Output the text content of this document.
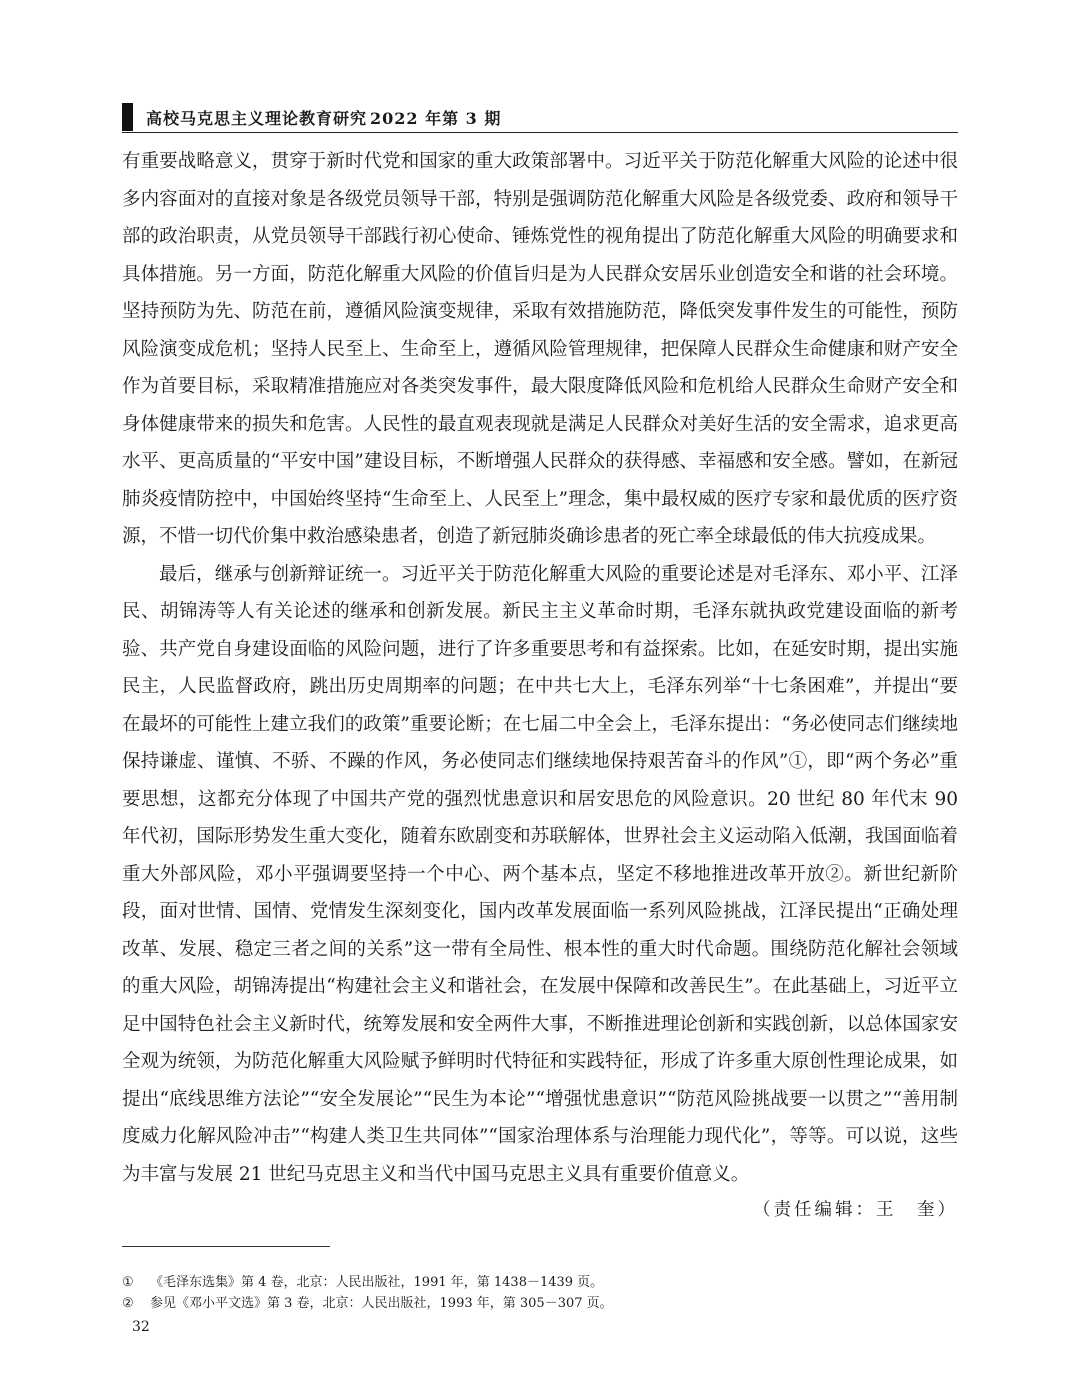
高校马克思主义理论教育研究 2022 年第 3 期

有重要战略意义，贯穿于新时代党和国家的重大政策部署中。习近平关于防范化解重大风险的论述中很多内容面对的直接对象是各级党员领导干部，特别是强调防范化解重大风险是各级党委、政府和领导干部的政治职责，从党员领导干部践行初心使命、锤炼党性的视角提出了防范化解重大风险的明确要求和具体措施。另一方面，防范化解重大风险的价值旨归是为人民群众安居乐业创造安全和谐的社会环境。坚持预防为先、防范在前，遵循风险演变规律，采取有效措施防范，降低突发事件发生的可能性，预防风险演变成危机；坚持人民至上、生命至上，遵循风险管理规律，把保障人民群众生命健康和财产安全作为首要目标，采取精准措施应对各类突发事件，最大限度降低风险和危机给人民群众生命财产安全和身体健康带来的损失和危害。人民性的最直观表现就是满足人民群众对美好生活的安全需求，追求更高水平、更高质量的“平安中国”建设目标，不断增强人民群众的获得感、幸福感和安全感。譬如，在新冠肺炎疫情防控中，中国始终坚持“生命至上、人民至上”理念，集中最权威的医疗专家和最优质的医疗资源，不惜一切代价集中救治感染患者，创造了新冠肺炎确诊患者的死亡率全球最低的伟大抗疫成果。

最后，继承与创新辩证统一。习近平关于防范化解重大风险的重要论述是对毛泽东、邓小平、江泽民、胡锦涛等人有关论述的继承和创新发展。新民主主义革命时期，毛泽东就执政党建设面临的新考验、共产党自身建设面临的风险问题，进行了许多重要思考和有益探索。比如，在延安时期，提出实施民主，人民监督政府，跳出历史周期率的问题；在中共七大上，毛泽东列举“十七条困难”，并提出“要在最坏的可能性上建立我们的政策”重要论断；在七届二中全会上，毛泽东提出：“务必使同志们继续地保持谦虚、谨慎、不骄、不躁的作风，务必使同志们继续地保持艰苦奋斗的作风”①，即“两个务必”重要思想，这都充分体现了中国共产党的强烈忧患意识和居安思危的风险意识。20 世纪 80 年代末 90 年代初，国际形势发生重大变化，随着东欧剧变和苏联解体，世界社会主义运动陷入低潮，我国面临着重大外部风险，邓小平强调要坚持一个中心、两个基本点，坚定不移地推进改革开放②。新世纪新阶段，面对世情、国情、党情发生深刻变化，国内改革发展面临一系列风险挑战，江泽民提出“正确处理改革、发展、稳定三者之间的关系”这一带有全局性、根本性的重大时代命题。围绕防范化解社会领域的重大风险，胡锦涛提出“构建社会主义和谐社会，在发展中保障和改善民生”。在此基础上，习近平立足中国特色社会主义新时代，统筹发展和安全两件大事，不断推进理论创新和实践创新，以总体国家安全观为统领，为防范化解重大风险赋予鲜明时代特征和实践特征，形成了许多重大原创性理论成果，如提出“底线思维方法论”“安全发展论”“民生为本论”“增强忧患意识”“防范风险挑战要一以贯之”“善用制度威力化解风险冲击”“构建人类卫生共同体”“国家治理体系与治理能力现代化”，等等。可以说，这些为丰富与发展 21 世纪马克思主义和当代中国马克思主义具有重要价值意义。

（责任编辑：王　奎）
① 《毛泽东选集》第 4 卷，北京：人民出版社，1991 年，第 1438－1439 页。
② 参见《邓小平文选》第 3 卷，北京：人民出版社，1993 年，第 305－307 页。
32
